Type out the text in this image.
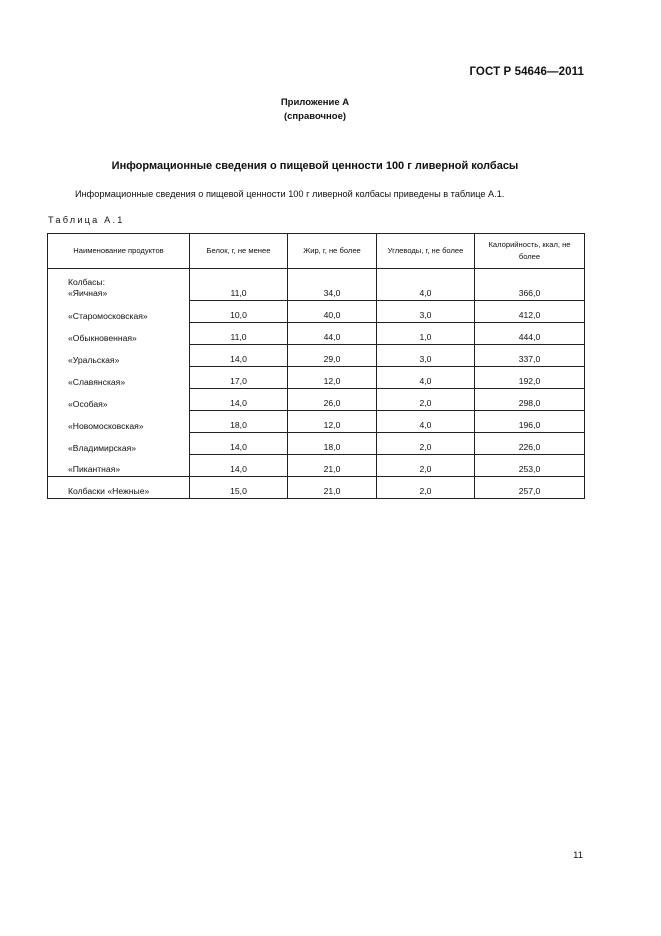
ГОСТ Р 54646—2011
Приложение А
(справочное)
Информационные сведения о пищевой ценности 100 г ливерной колбасы
Информационные сведения о пищевой ценности 100 г ливерной колбасы приведены в таблице А.1.
Таблица А.1
Наименование продуктов	Белок, г, не менее	Жир, г, не более	Углеводы, г, не более	Калорийность, ккал, не более

Колбасы:
«Яичная»	11,0	34,0	4,0	366,0
«Старомосковская»	10,0	40,0	3,0	412,0
«Обыкновенная»	11,0	44,0	1,0	444,0
«Уральская»	14,0	29,0	3,0	337,0
«Славянская»	17,0	12,0	4,0	192,0
«Особая»	14,0	26,0	2,0	298,0
«Новомосковская»	18,0	12,0	4,0	196,0
«Владимирская»	14,0	18,0	2,0	226,0
«Пикантная»	14,0	21,0	2,0	253,0
Колбаски «Нежные»	15,0	21,0	2,0	257,0
11
